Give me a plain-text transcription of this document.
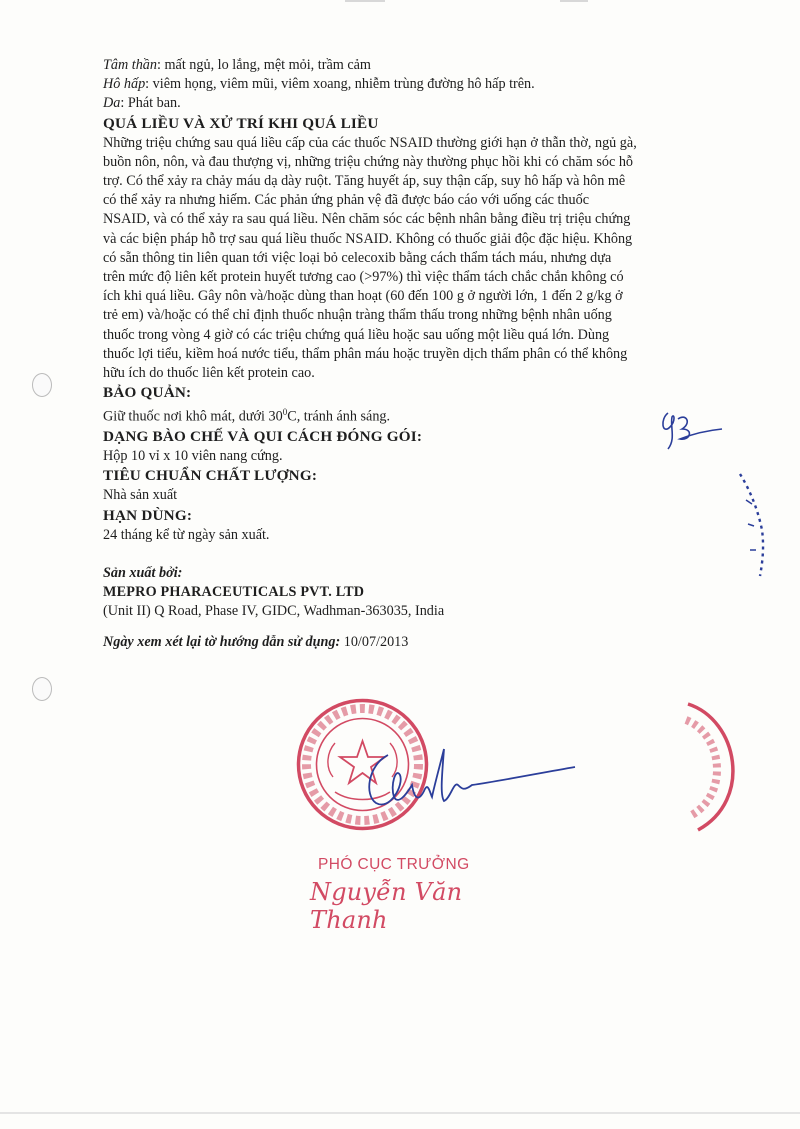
Tâm thần: mất ngủ, lo lắng, mệt mỏi, trầm cảm

Hô hấp: viêm họng, viêm mũi, viêm xoang, nhiễm trùng đường hô hấp trên.

Da: Phát ban.

QUÁ LIỀU VÀ XỬ TRÍ KHI QUÁ LIỀU

Những triệu chứng sau quá liều cấp của các thuốc NSAID thường giới hạn ở thẫn thờ, ngủ gà,

buồn nôn, nôn, và đau thượng vị, những triệu chứng này thường phục hồi khi có chăm sóc hỗ

trợ. Có thể xảy ra chảy máu dạ dày ruột. Tăng huyết áp, suy thận cấp, suy hô hấp và hôn mê

có thể xảy ra nhưng hiếm. Các phản ứng phản vệ đã được báo cáo với uống các thuốc

NSAID, và có thể xảy ra sau quá liều. Nên chăm sóc các bệnh nhân bằng điều trị triệu chứng

và các biện pháp hỗ trợ sau quá liều thuốc NSAID. Không có thuốc giải độc đặc hiệu. Không

có sẵn thông tin liên quan tới việc loại bỏ celecoxib bằng cách thẩm tách máu, nhưng dựa

trên mức độ liên kết protein huyết tương cao (>97%) thì việc thẩm tách chắc chắn không có

ích khi quá liều. Gây nôn và/hoặc dùng than hoạt (60 đến 100 g ở người lớn, 1 đến 2 g/kg ở

trẻ em) và/hoặc có thể chỉ định thuốc nhuận tràng thẩm thấu trong những bệnh nhân uống

thuốc trong vòng 4 giờ có các triệu chứng quá liều hoặc sau uống một liều quá lớn. Dùng

thuốc lợi tiểu, kiềm hoá nước tiểu, thẩm phân máu hoặc truyền dịch thẩm phân có thể không

hữu ích do thuốc liên kết protein cao.

BẢO QUẢN:

Giữ thuốc nơi khô mát, dưới $30^0C$, tránh ánh sáng.

DẠNG BÀO CHẾ VÀ QUI CÁCH ĐÓNG GÓI:

Hộp 10 vỉ x 10 viên nang cứng.

TIÊU CHUẨN CHẤT LƯỢNG:

Nhà sản xuất

HẠN DÙNG:

24 tháng kể từ ngày sản xuất.

Sản xuất bởi:

MEPRO PHARACEUTICALS PVT. LTD

(Unit II) Q Road, Phase IV, GIDC, Wadhman-363035, India

Ngày xem xét lại tờ hướng dẫn sử dụng: 10/07/2013

PHÓ CỤC TRƯỞNG
Nguyễn Văn Thanh
